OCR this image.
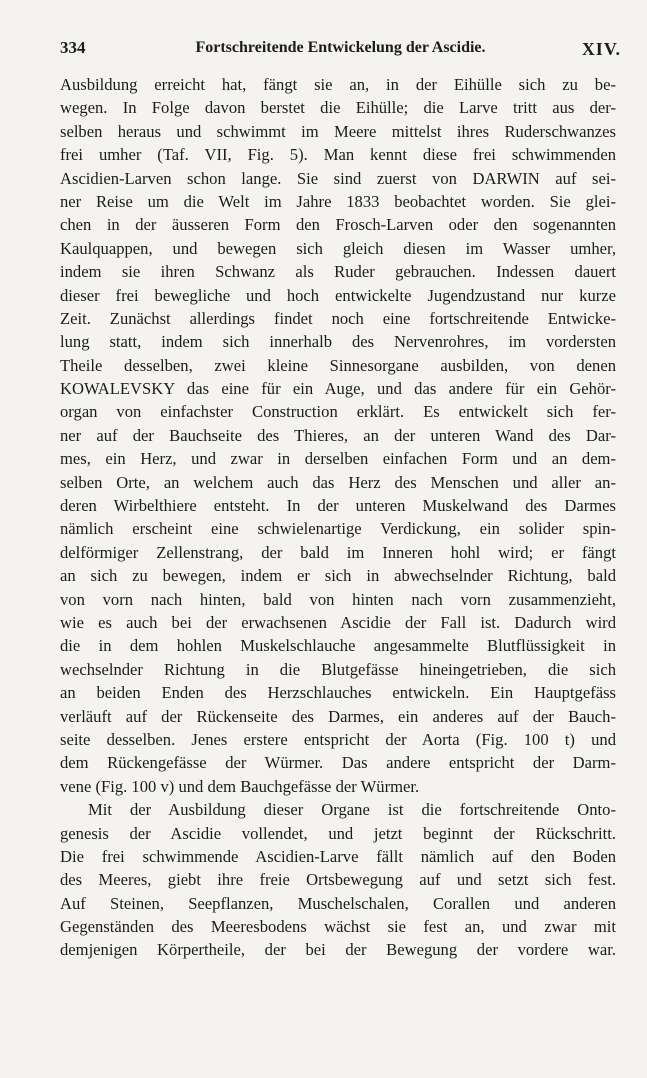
334	Fortschreitende Entwickelung der Ascidie.	XIV.
Ausbildung erreicht hat, fängt sie an, in der Eihülle sich zu be-
wegen. In Folge davon berstet die Eihülle; die Larve tritt aus der-
selben heraus und schwimmt im Meere mittelst ihres Ruderschwanzes
frei umher (Taf. VII, Fig. 5). Man kennt diese frei schwimmenden
Ascidien-Larven schon lange. Sie sind zuerst von DARWIN auf sei-
ner Reise um die Welt im Jahre 1833 beobachtet worden. Sie glei-
chen in der äusseren Form den Frosch-Larven oder den sogenannten
Kaulquappen, und bewegen sich gleich diesen im Wasser umher,
indem sie ihren Schwanz als Ruder gebrauchen. Indessen dauert
dieser frei bewegliche und hoch entwickelte Jugendzustand nur kurze
Zeit. Zunächst allerdings findet noch eine fortschreitende Entwicke-
lung statt, indem sich innerhalb des Nervenrohres, im vordersten
Theile desselben, zwei kleine Sinnesorgane ausbilden, von denen
KOWALEVSKY das eine für ein Auge, und das andere für ein Gehör-
organ von einfachster Construction erklärt. Es entwickelt sich fer-
ner auf der Bauchseite des Thieres, an der unteren Wand des Dar-
mes, ein Herz, und zwar in derselben einfachen Form und an dem-
selben Orte, an welchem auch das Herz des Menschen und aller an-
deren Wirbelthiere entsteht. In der unteren Muskelwand des Darmes
nämlich erscheint eine schwielenartige Verdickung, ein solider spin-
delförmiger Zellenstrang, der bald im Inneren hohl wird; er fängt
an sich zu bewegen, indem er sich in abwechselnder Richtung, bald
von vorn nach hinten, bald von hinten nach vorn zusammenzieht,
wie es auch bei der erwachsenen Ascidie der Fall ist. Dadurch wird
die in dem hohlen Muskelschlauche angesammelte Blutflüssigkeit in
wechselnder Richtung in die Blutgefässe hineingetrieben, die sich
an beiden Enden des Herzschlauches entwickeln. Ein Hauptgefäss
verläuft auf der Rückenseite des Darmes, ein anderes auf der Bauch-
seite desselben. Jenes erstere entspricht der Aorta (Fig. 100 t) und
dem Rückengefässe der Würmer. Das andere entspricht der Darm-
vene (Fig. 100 v) und dem Bauchgefässe der Würmer.
Mit der Ausbildung dieser Organe ist die fortschreitende Onto-
genesis der Ascidie vollendet, und jetzt beginnt der Rückschritt.
Die frei schwimmende Ascidien-Larve fällt nämlich auf den Boden
des Meeres, giebt ihre freie Ortsbewegung auf und setzt sich fest.
Auf Steinen, Seepflanzen, Muschelschalen, Corallen und anderen
Gegenständen des Meeresbodens wächst sie fest an, und zwar mit
demjenigen Körpertheile, der bei der Bewegung der vordere war.
